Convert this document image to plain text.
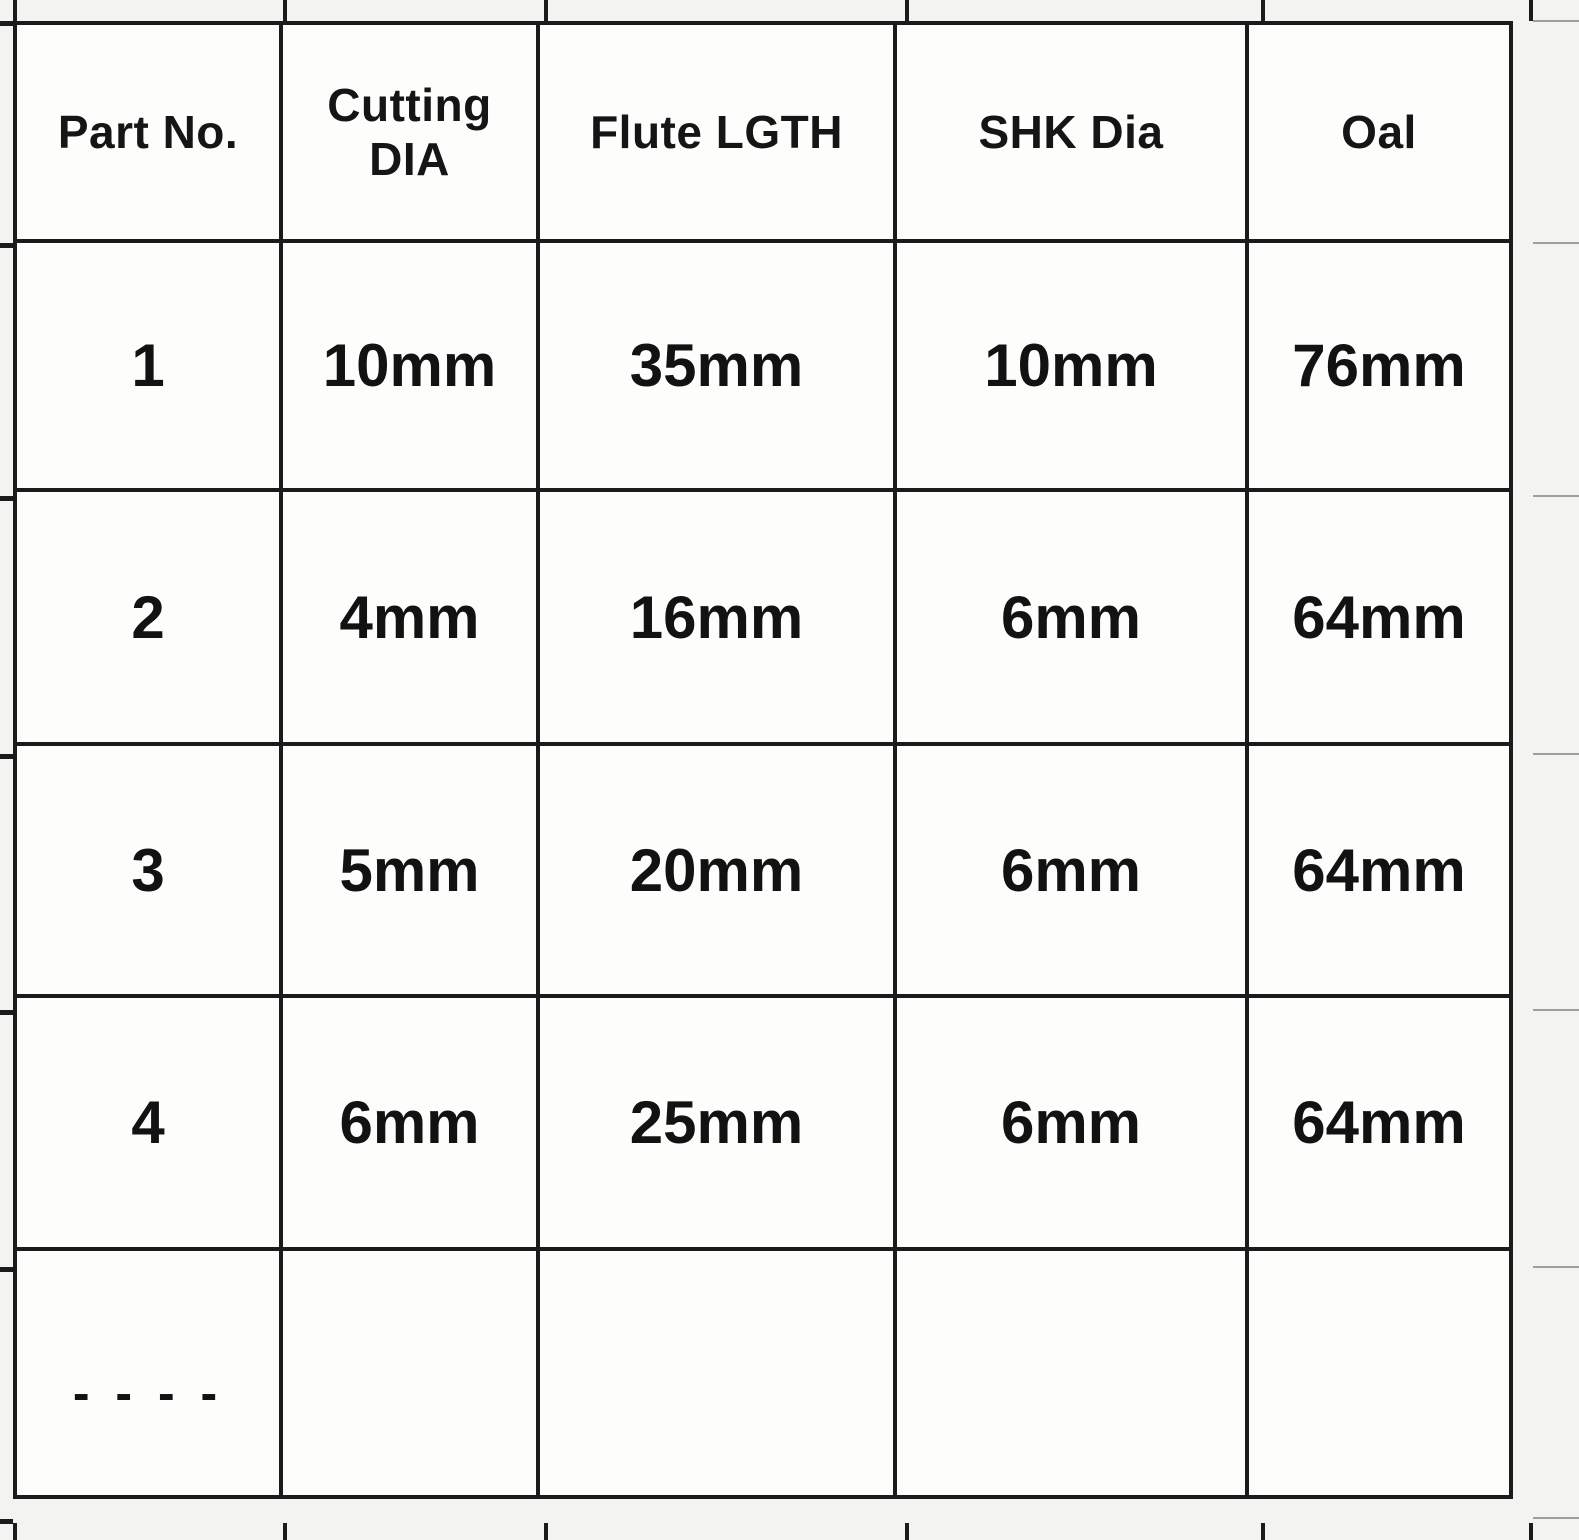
Part No.	Cutting DIA	Flute LGTH	SHK Dia	Oal
1	10mm	35mm	10mm	76mm
2	4mm	16mm	6mm	64mm
3	5mm	20mm	6mm	64mm
4	6mm	25mm	6mm	64mm
$_{- - - -}$				
